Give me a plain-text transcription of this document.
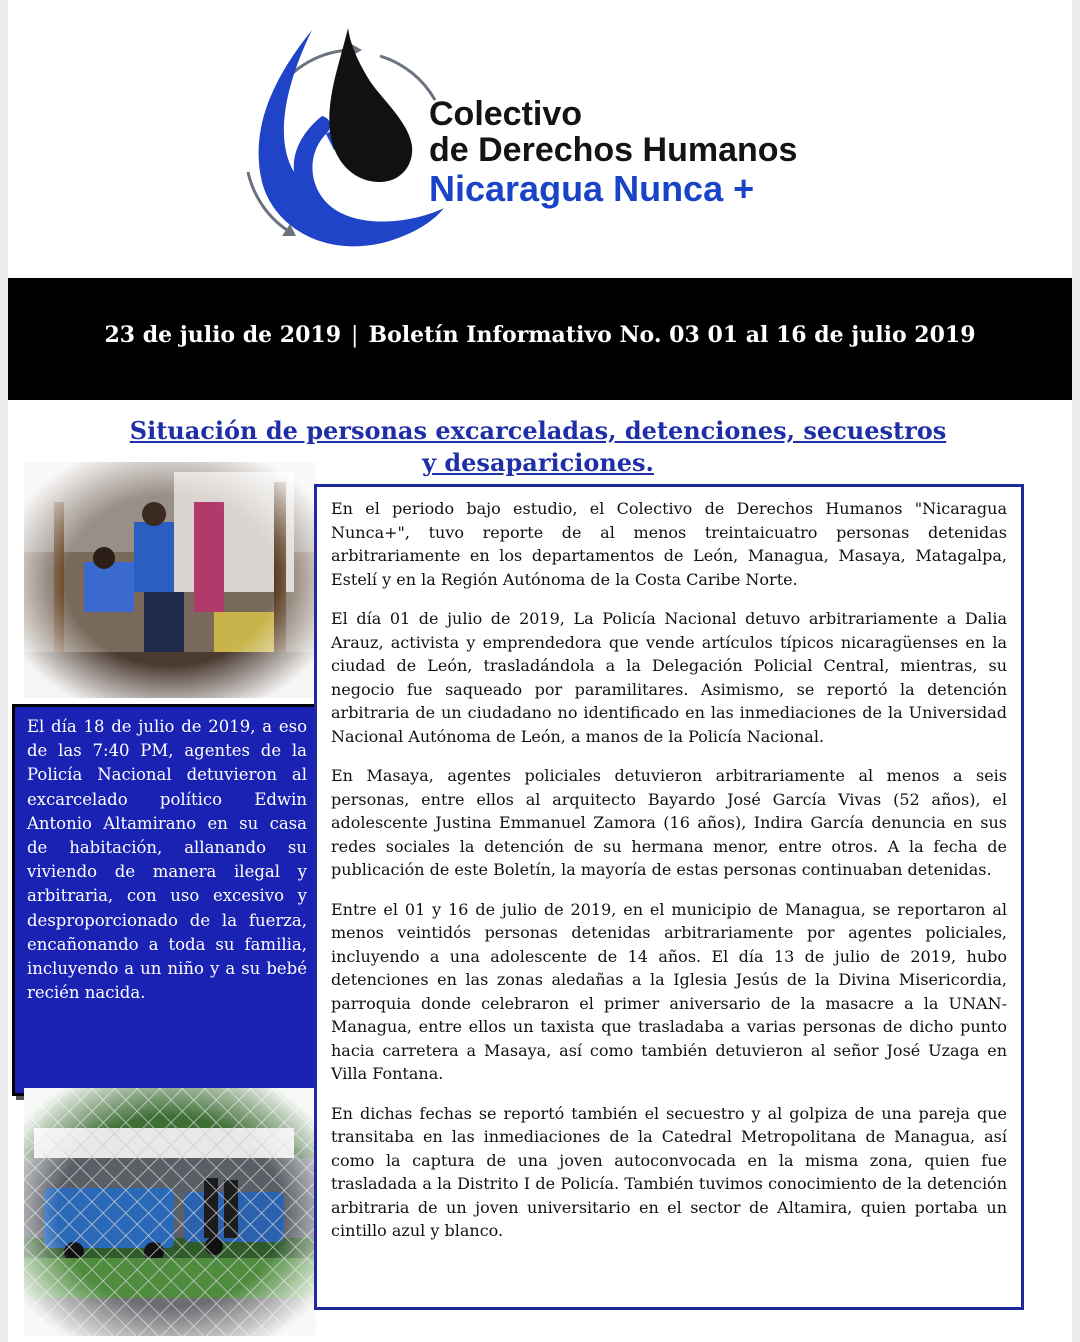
Colectivo
de Derechos Humanos
Nicaragua Nunca +
23 de julio de 2019 | Boletín Informativo No. 03 01 al 16 de julio 2019
Situación de personas excarceladas, detenciones, secuestros y desapariciones.
El día 18 de julio de 2019, a eso de las 7:40 PM, agentes de la Policía Nacional detuvieron al excarcelado político Edwin Antonio Altamirano en su casa de habitación, allanando su viviendo de manera ilegal y arbitraria, con uso excesivo y desproporcionado de la fuerza, encañonando a toda su familia, incluyendo a un niño y a su bebé recién nacida.

En el periodo bajo estudio, el Colectivo de Derechos Humanos "Nicaragua Nunca+", tuvo reporte de al menos treintaicuatro personas detenidas arbitrariamente en los departamentos de León, Managua, Masaya, Matagalpa, Estelí y en la Región Autónoma de la Costa Caribe Norte.

El día 01 de julio de 2019, La Policía Nacional detuvo arbitrariamente a Dalia Arauz, activista y emprendedora que vende artículos típicos nicaragüenses en la ciudad de León, trasladándola a la Delegación Policial Central, mientras, su negocio fue saqueado por paramilitares. Asimismo, se reportó la detención arbitraria de un ciudadano no identificado en las inmediaciones de la Universidad Nacional Autónoma de León, a manos de la Policía Nacional.

En Masaya, agentes policiales detuvieron arbitrariamente al menos a seis personas, entre ellos al arquitecto Bayardo José García Vivas (52 años), el adolescente Justina Emmanuel Zamora (16 años), Indira García denuncia en sus redes sociales la detención de su hermana menor, entre otros. A la fecha de publicación de este Boletín, la mayoría de estas personas continuaban detenidas.

Entre el 01 y 16 de julio de 2019, en el municipio de Managua, se reportaron al menos veintidós personas detenidas arbitrariamente por agentes policiales, incluyendo a una adolescente de 14 años. El día 13 de julio de 2019, hubo detenciones en las zonas aledañas a la Iglesia Jesús de la Divina Misericordia, parroquia donde celebraron el primer aniversario de la masacre a la UNAN-Managua, entre ellos un taxista que trasladaba a varias personas de dicho punto hacia carretera a Masaya, así como también detuvieron al señor José Uzaga en Villa Fontana.

En dichas fechas se reportó también el secuestro y al golpiza de una pareja que transitaba en las inmediaciones de la Catedral Metropolitana de Managua, así como la captura de una joven autoconvocada en la misma zona, quien fue trasladada a la Distrito I de Policía. También tuvimos conocimiento de la detención arbitraria de un joven universitario en el sector de Altamira, quien portaba un cintillo azul y blanco.
